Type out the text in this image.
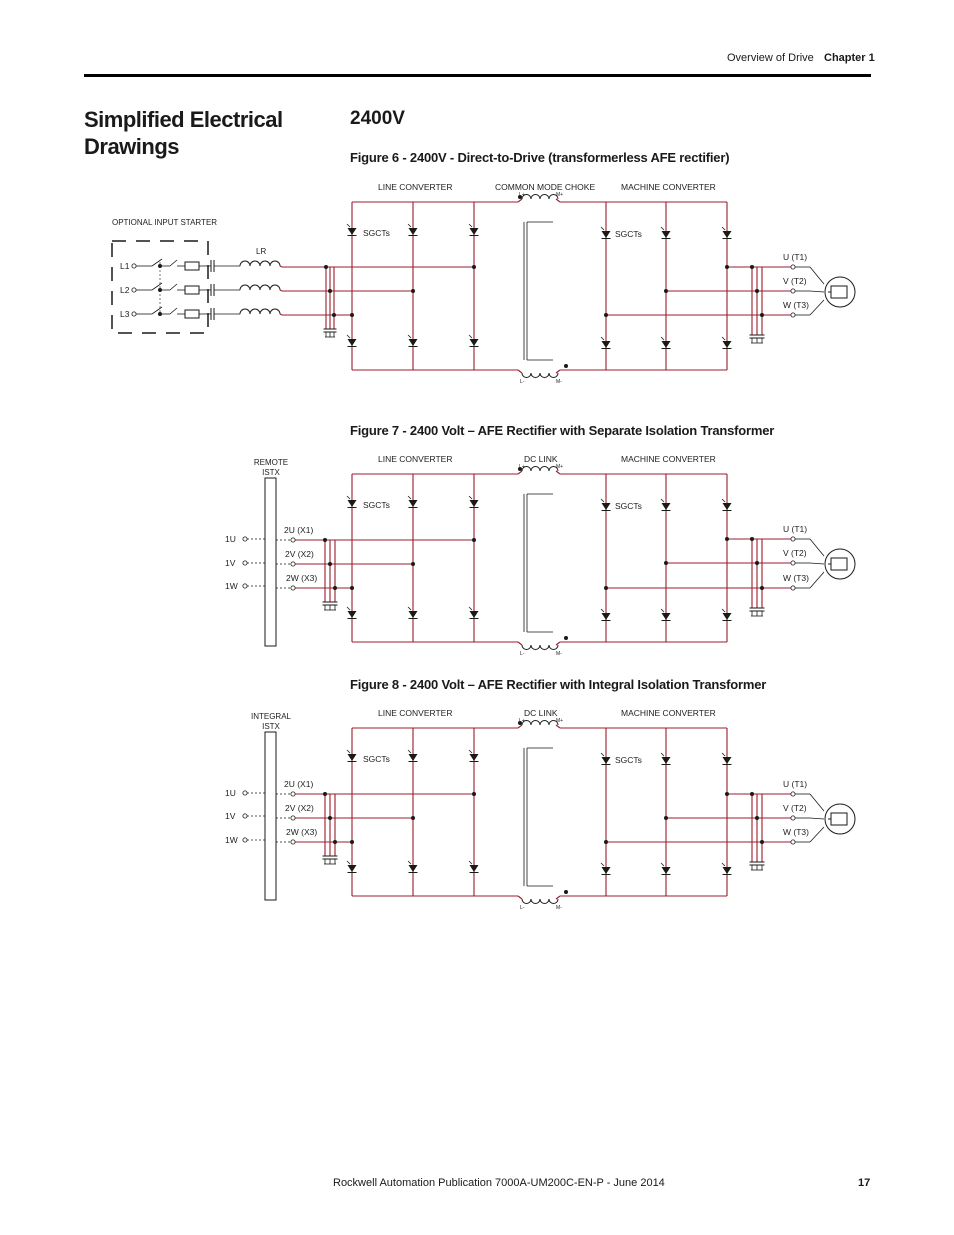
Overview of Drive Chapter 1
Simplified Electrical Drawings
2400V
Figure 6 - 2400V - Direct-to-Drive (transformerless AFE rectifier)
Figure 7 - 2400 Volt – AFE Rectifier with Separate Isolation Transformer
Figure 8 - 2400 Volt – AFE Rectifier with Integral Isolation Transformer
LINE CONVERTER	COMMON MODE CHOKE	MACHINE CONVERTER
SGCTs	SGCTs
L+	M+
L-	M-
U (T1)
V (T2)
W (T3)
OPTIONAL INPUT STARTER
LR
L1
L2
L3
LINE CONVERTER	DC LINK	MACHINE CONVERTER
SGCTs	SGCTs
L+	M+
L-	M-
U (T1)
V (T2)
W (T3)
REMOTE
ISTX
1U
1V
1W
2U (X1)
2V (X2)
2W (X3)
LINE CONVERTER	DC LINK	MACHINE CONVERTER
SGCTs	SGCTs
L+	M+
L-	M-
U (T1)
V (T2)
W (T3)
INTEGRAL
ISTX
1U
1V
1W
2U (X1)
2V (X2)
2W (X3)
Rockwell Automation Publication 7000A-UM200C-EN-P - June 2014	17
